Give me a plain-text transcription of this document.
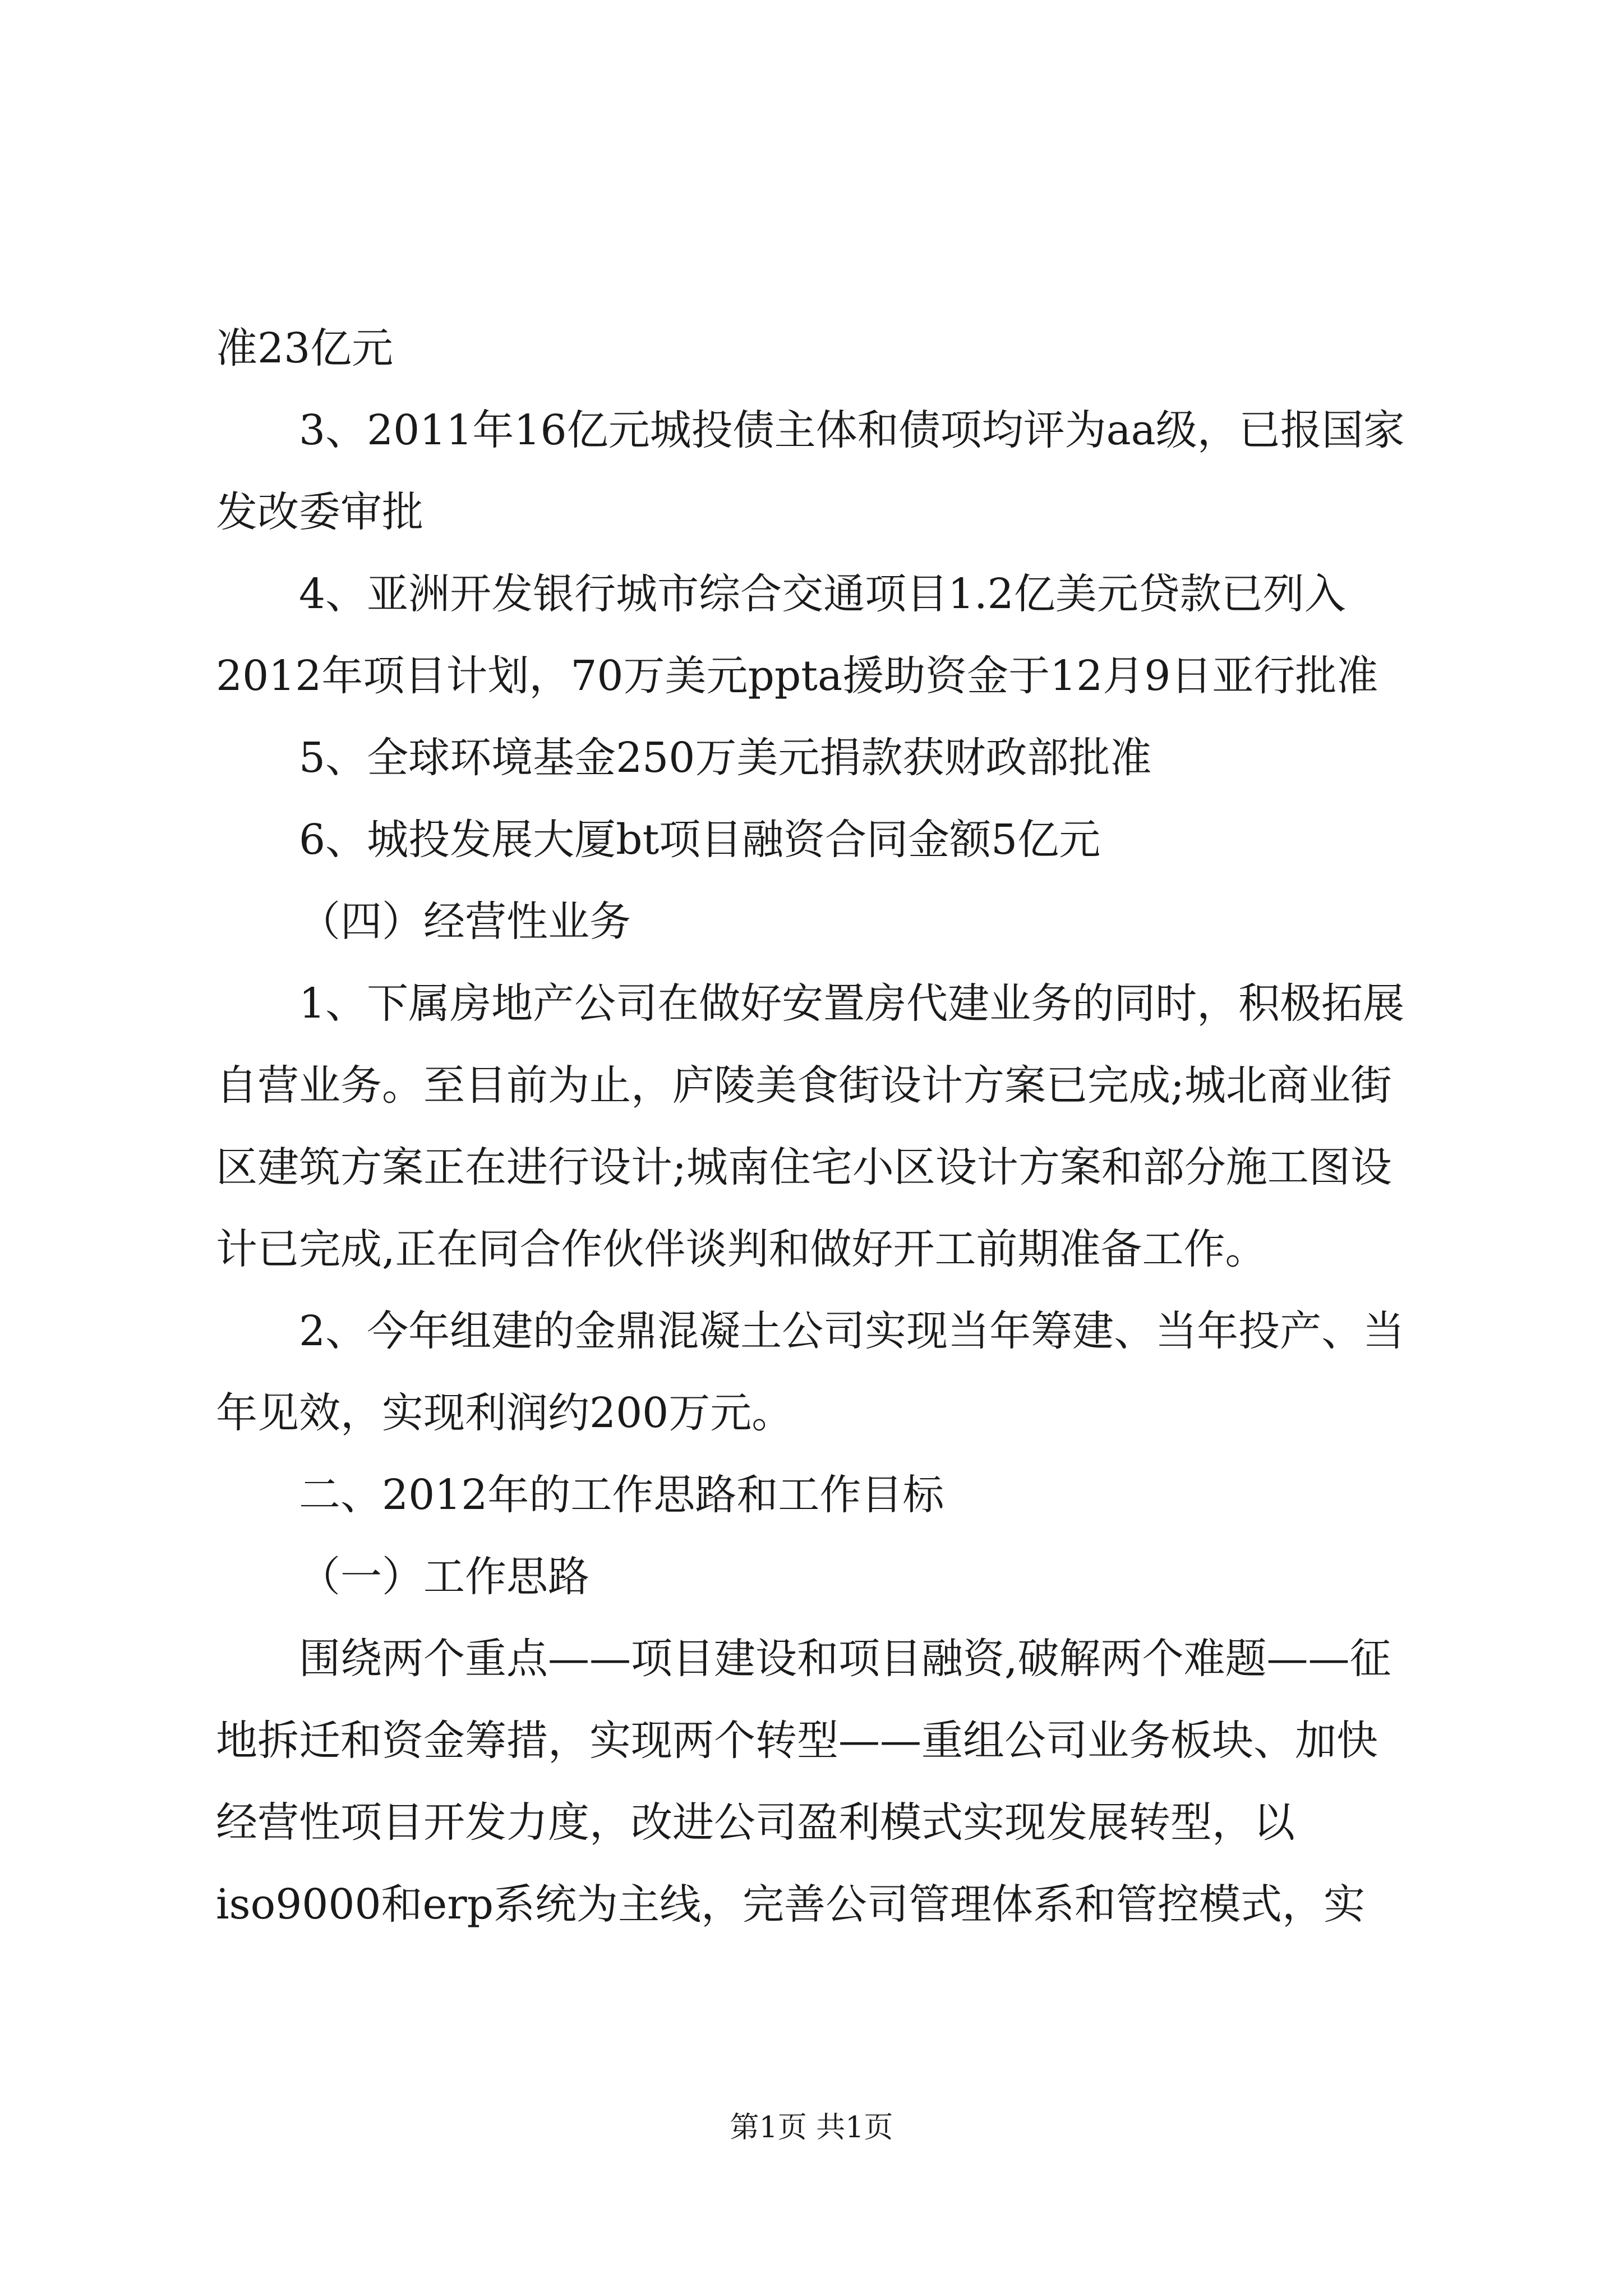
准23亿元

3、2011年16亿元城投债主体和债项均评为aa级，已报国家发改委审批

4、亚洲开发银行城市综合交通项目1.2亿美元贷款已列入2012年项目计划，70万美元ppta援助资金于12月9日亚行批准

5、全球环境基金250万美元捐款获财政部批准

6、城投发展大厦bt项目融资合同金额5亿元

（四）经营性业务

1、下属房地产公司在做好安置房代建业务的同时，积极拓展自营业务。至目前为止，庐陵美食街设计方案已完成;城北商业街区建筑方案正在进行设计;城南住宅小区设计方案和部分施工图设计已完成,正在同合作伙伴谈判和做好开工前期准备工作。

2、今年组建的金鼎混凝土公司实现当年筹建、当年投产、当年见效，实现利润约200万元。

二、2012年的工作思路和工作目标

（一）工作思路

围绕两个重点——项目建设和项目融资,破解两个难题——征地拆迁和资金筹措，实现两个转型——重组公司业务板块、加快经营性项目开发力度，改进公司盈利模式实现发展转型，以iso9000和erp系统为主线，完善公司管理体系和管控模式，实

第1页 共1页
